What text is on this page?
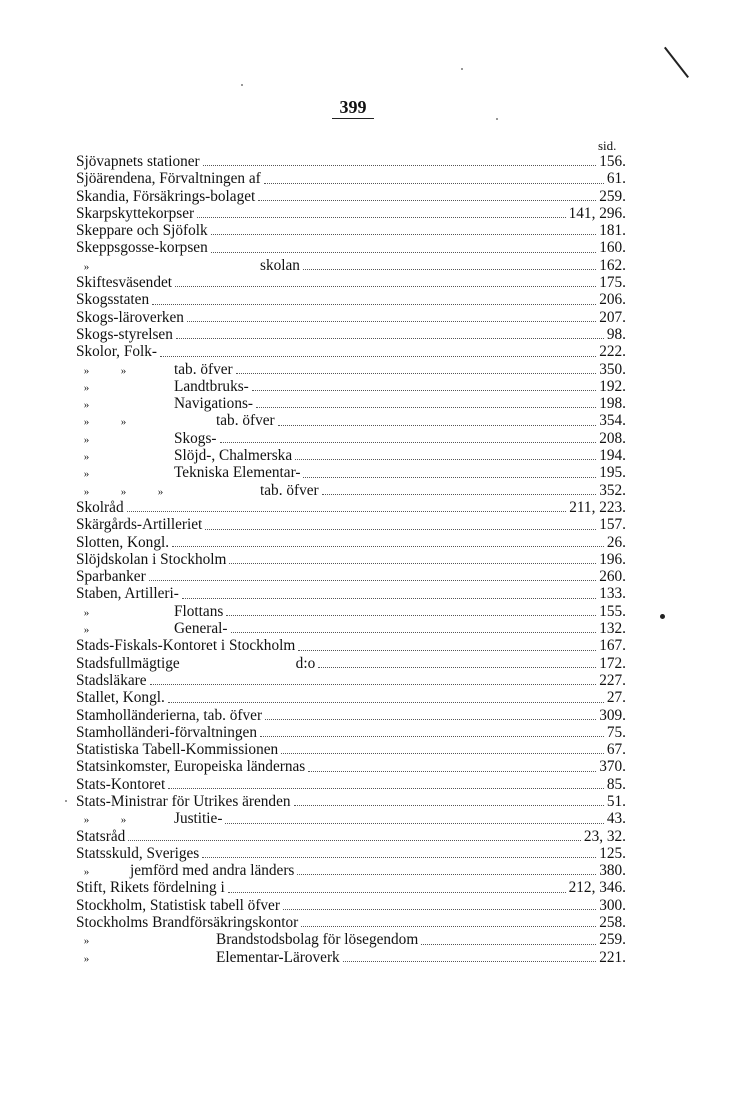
399
sid.
Sjövapnets stationer	156.
Sjöärendena, Förvaltningen af	61.
Skandia, Försäkrings-bolaget	259.
Skarpskyttekorpser	141, 296.
Skeppare och Sjöfolk	181.
Skeppsgosse-korpsen	160.
»	skolan	162.
Skiftesväsendet	175.
Skogsstaten	206.
Skogs-läroverken	207.
Skogs-styrelsen	98.
Skolor, Folk-	222.
»	»	tab. öfver	350.
»	Landtbruks-	192.
»	Navigations-	198.
»	»	tab. öfver	354.
»	Skogs-	208.
»	Slöjd-, Chalmerska	194.
»	Tekniska Elementar-	195.
»	»	»	tab. öfver	352.
Skolråd	211, 223.
Skärgårds-Artilleriet	157.
Slotten, Kongl.	26.
Slöjdskolan i Stockholm	196.
Sparbanker	260.
Staben, Artilleri-	133.
»	Flottans	155.
»	General-	132.
Stads-Fiskals-Kontoret i Stockholm	167.
Stadsfullmägtige	d:o	172.
Stadsläkare	227.
Stallet, Kongl.	27.
Stamholländerierna, tab. öfver	309.
Stamholländeri-förvaltningen	75.
Statistiska Tabell-Kommissionen	67.
Statsinkomster, Europeiska ländernas	370.
Stats-Kontoret	85.
Stats-Ministrar för Utrikes ärenden	51.
»	»	Justitie-	43.
Statsråd	23, 32.
Statsskuld, Sveriges	125.
»	jemförd med andra länders	380.
Stift, Rikets fördelning i	212, 346.
Stockholm, Statistisk tabell öfver	300.
Stockholms Brandförsäkringskontor	258.
»	Brandstodsbolag för lösegendom	259.
»	Elementar-Läroverk	221.
